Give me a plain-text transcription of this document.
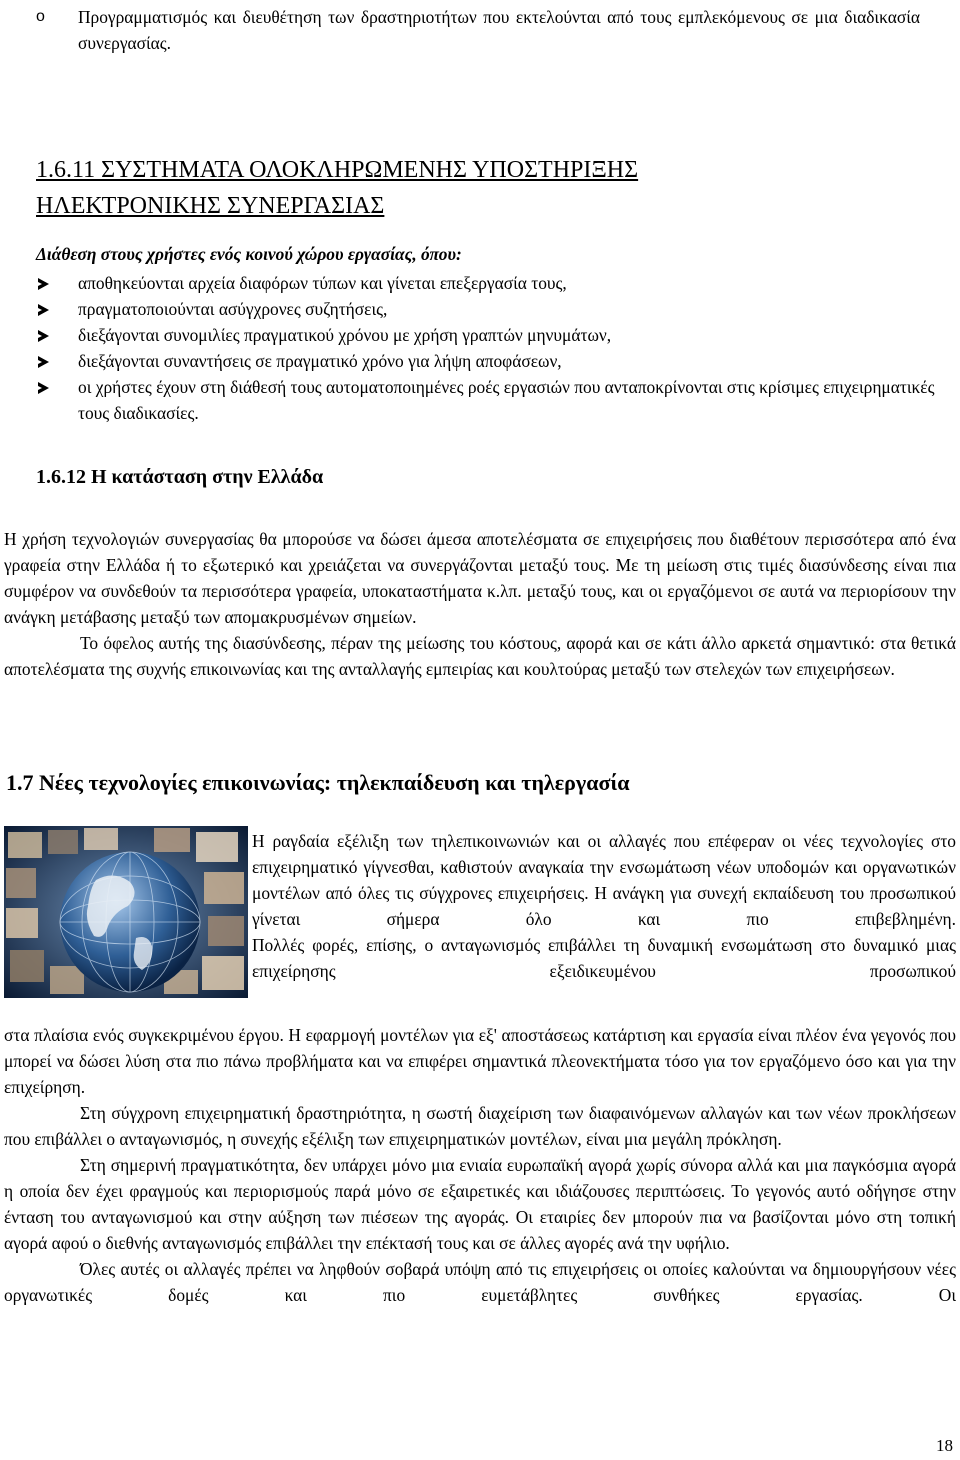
o Προγραμματισμός και διευθέτηση των δραστηριοτήτων που εκτελούνται από τους εμπλεκόμενους σε μια διαδικασία συνεργασίας.

1.6.11 ΣΥΣΤΗΜΑΤΑ ΟΛΟΚΛΗΡΩΜΕΝΗΣ ΥΠΟΣΤΗΡΙΞΗΣ ΗΛΕΚΤΡΟΝΙΚΗΣ ΣΥΝΕΡΓΑΣΙΑΣ

Διάθεση στους χρήστες ενός κοινού χώρου εργασίας, όπου:

αποθηκεύονται αρχεία διαφόρων τύπων και γίνεται επεξεργασία τους,
πραγματοποιούνται ασύγχρονες συζητήσεις,
διεξάγονται συνομιλίες πραγματικού χρόνου με χρήση γραπτών μηνυμάτων,
διεξάγονται συναντήσεις σε πραγματικό χρόνο για λήψη αποφάσεων,
οι χρήστες έχουν στη διάθεσή τους αυτοματοποιημένες ροές εργασιών που ανταποκρίνονται στις κρίσιμες επιχειρηματικές τους διαδικασίες.
1.6.12 Η κατάσταση στην Ελλάδα

Η χρήση τεχνολογιών συνεργασίας θα μπορούσε να δώσει άμεσα αποτελέσματα σε επιχειρήσεις που διαθέτουν περισσότερα από ένα γραφεία στην Ελλάδα ή το εξωτερικό και χρειάζεται να συνεργάζονται μεταξύ τους. Με τη μείωση στις τιμές διασύνδεσης είναι πια συμφέρον να συνδεθούν τα περισσότερα γραφεία, υποκαταστήματα κ.λπ. μεταξύ τους, και οι εργαζόμενοι σε αυτά να περιορίσουν την ανάγκη μετάβασης μεταξύ των απομακρυσμένων σημείων.

Το όφελος αυτής της διασύνδεσης, πέραν της μείωσης του κόστους, αφορά και σε κάτι άλλο αρκετά σημαντικό: στα θετικά αποτελέσματα της συχνής επικοινωνίας και της ανταλλαγής εμπειρίας και κουλτούρας μεταξύ των στελεχών των επιχειρήσεων.

1.7 Νέες τεχνολογίες επικοινωνίας: τηλεκπαίδευση και τηλεργασία

Η ραγδαία εξέλιξη των τηλεπικοινωνιών και οι αλλαγές που επέφεραν οι νέες τεχνολογίες στο επιχειρηματικό γίγνεσθαι, καθιστούν αναγκαία την ενσωμάτωση νέων υποδομών και οργανωτικών μοντέλων από όλες τις σύγχρονες επιχειρήσεις. Η ανάγκη για συνεχή εκπαίδευση του προσωπικού γίνεται σήμερα όλο και πιο επιβεβλημένη.

Πολλές φορές, επίσης, ο ανταγωνισμός επιβάλλει τη δυναμική ενσωμάτωση στο δυναμικό μιας επιχείρησης εξειδικευμένου προσωπικού

στα πλαίσια ενός συγκεκριμένου έργου. Η εφαρμογή μοντέλων για εξ' αποστάσεως κατάρτιση και εργασία είναι πλέον ένα γεγονός που μπορεί να δώσει λύση στα πιο πάνω προβλήματα και να επιφέρει σημαντικά πλεονεκτήματα τόσο για τον εργαζόμενο όσο και για την επιχείρηση.

Στη σύγχρονη επιχειρηματική δραστηριότητα, η σωστή διαχείριση των διαφαινόμενων αλλαγών και των νέων προκλήσεων που επιβάλλει ο ανταγωνισμός, η συνεχής εξέλιξη των επιχειρηματικών μοντέλων, είναι μια μεγάλη πρόκληση.

Στη σημερινή πραγματικότητα, δεν υπάρχει μόνο μια ενιαία ευρωπαϊκή αγορά χωρίς σύνορα αλλά και μια παγκόσμια αγορά η οποία δεν έχει φραγμούς και περιορισμούς παρά μόνο σε εξαιρετικές και ιδιάζουσες περιπτώσεις. Το γεγονός αυτό οδήγησε στην ένταση του ανταγωνισμού και στην αύξηση των πιέσεων της αγοράς. Οι εταιρίες δεν μπορούν πια να βασίζονται μόνο στη τοπική αγορά αφού ο διεθνής ανταγωνισμός επιβάλλει την επέκτασή τους και σε άλλες αγορές ανά την υφήλιο.

Όλες αυτές οι αλλαγές πρέπει να ληφθούν σοβαρά υπόψη από τις επιχειρήσεις οι οποίες καλούνται να δημιουργήσουν νέες οργανωτικές δομές και πιο ευμετάβλητες συνθήκες εργασίας. Οι

18
